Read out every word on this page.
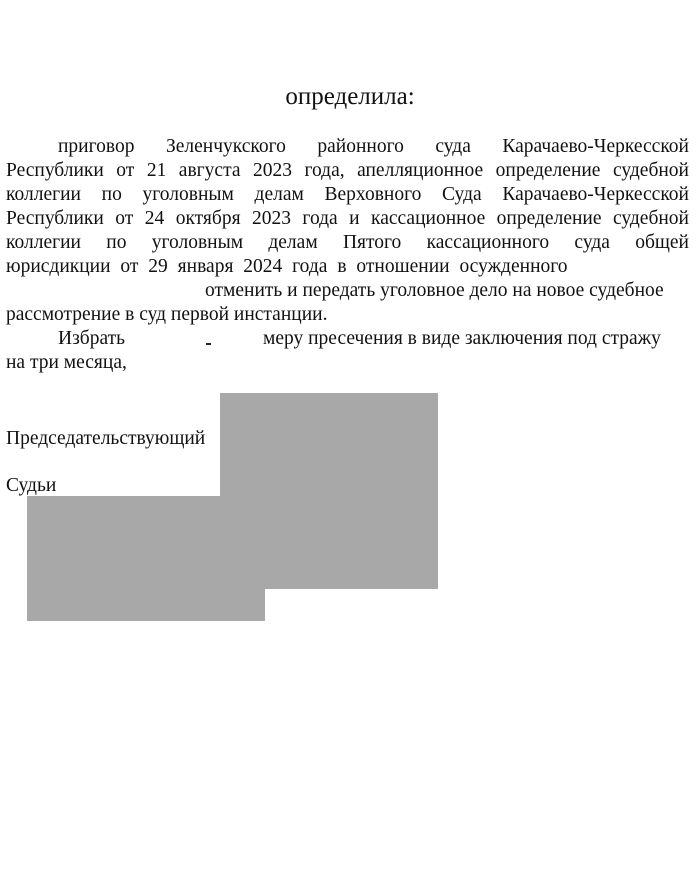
определила:
приговор Зеленчукского районного суда Карачаево-Черкесской
Республики от 21 августа 2023 года, апелляционное определение судебной
коллегии по уголовным делам Верховного Суда Карачаево-Черкесской
Республики от 24 октября 2023 года и кассационное определение судебной
коллегии по уголовным делам Пятого кассационного суда общей
юрисдикции от 29 января 2024 года в отношении осужденного
отменить и передать уголовное дело на новое судебное
рассмотрение в суд первой инстанции.
Избрать	меру пресечения в виде заключения под стражу
на три месяца,
Председательствующий
Судьи
